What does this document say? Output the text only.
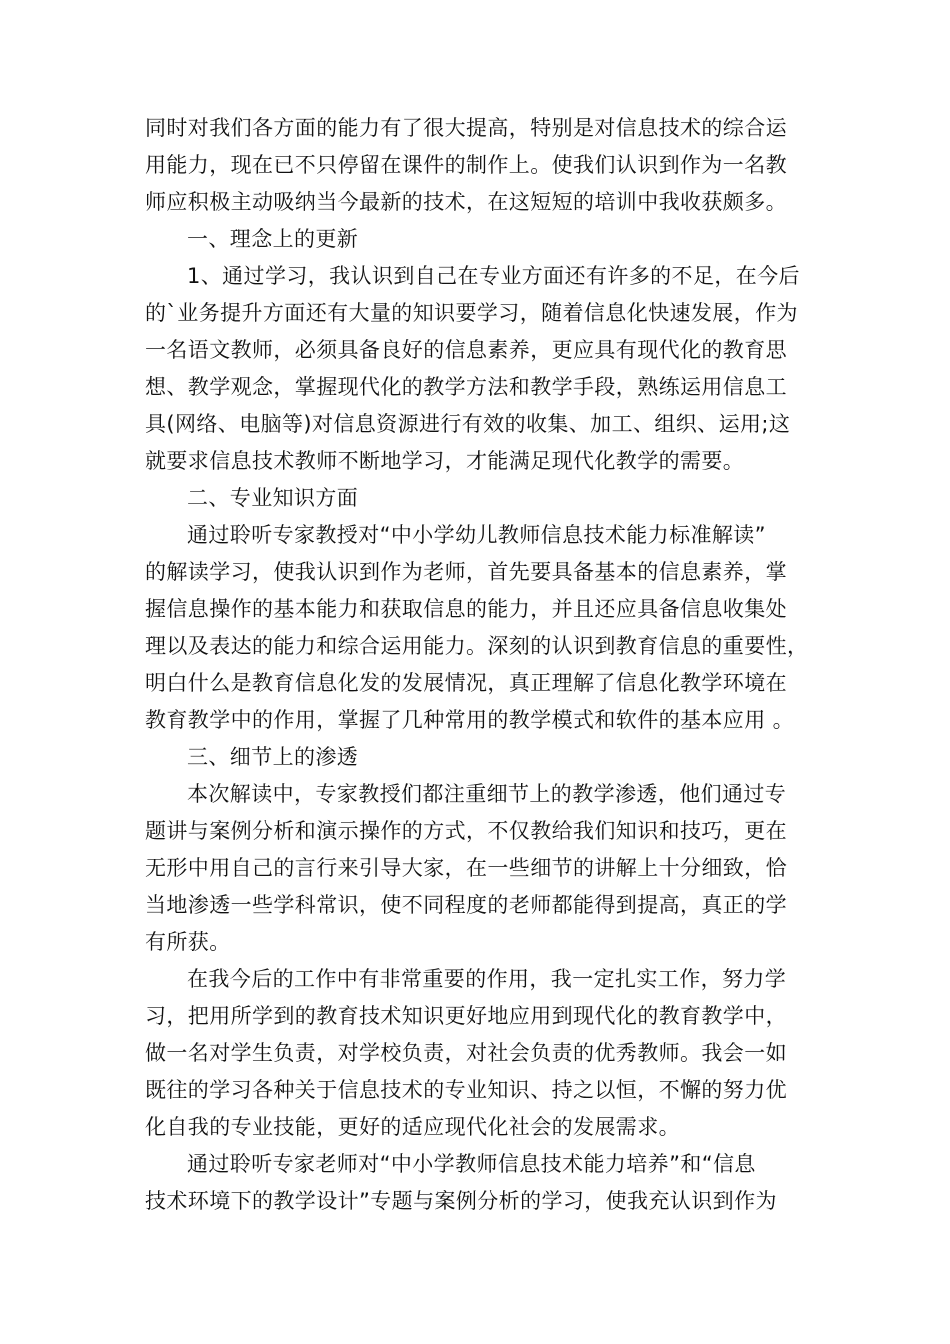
同时对我们各方面的能力有了很大提高，特别是对信息技术的综合运
用能力，现在已不只停留在课件的制作上。使我们认识到作为一名教
师应积极主动吸纳当今最新的技术，在这短短的培训中我收获颇多。
一、理念上的更新
1、通过学习，我认识到自己在专业方面还有许多的不足，在今后
的`业务提升方面还有大量的知识要学习，随着信息化快速发展，作为
一名语文教师，必须具备良好的信息素养，更应具有现代化的教育思
想、教学观念，掌握现代化的教学方法和教学手段，熟练运用信息工
具(网络、电脑等)对信息资源进行有效的收集、加工、组织、运用;这
就要求信息技术教师不断地学习，才能满足现代化教学的需要。
二、专业知识方面
通过聆听专家教授对“中小学幼儿教师信息技术能力标准解读”
的解读学习，使我认识到作为老师，首先要具备基本的信息素养，掌
握信息操作的基本能力和获取信息的能力，并且还应具备信息收集处
理以及表达的能力和综合运用能力。深刻的认识到教育信息的重要性，
明白什么是教育信息化发的发展情况，真正理解了信息化教学环境在
教育教学中的作用，掌握了几种常用的教学模式和软件的基本应用 。
三、细节上的渗透
本次解读中，专家教授们都注重细节上的教学渗透，他们通过专
题讲与案例分析和演示操作的方式，不仅教给我们知识和技巧，更在
无形中用自己的言行来引导大家，在一些细节的讲解上十分细致，恰
当地渗透一些学科常识，使不同程度的老师都能得到提高，真正的学
有所获。
在我今后的工作中有非常重要的作用，我一定扎实工作，努力学
习，把用所学到的教育技术知识更好地应用到现代化的教育教学中，
做一名对学生负责，对学校负责，对社会负责的优秀教师。我会一如
既往的学习各种关于信息技术的专业知识、持之以恒，不懈的努力优
化自我的专业技能，更好的适应现代化社会的发展需求。
通过聆听专家老师对“中小学教师信息技术能力培养”和“信息
技术环境下的教学设计”专题与案例分析的学习，使我充认识到作为
